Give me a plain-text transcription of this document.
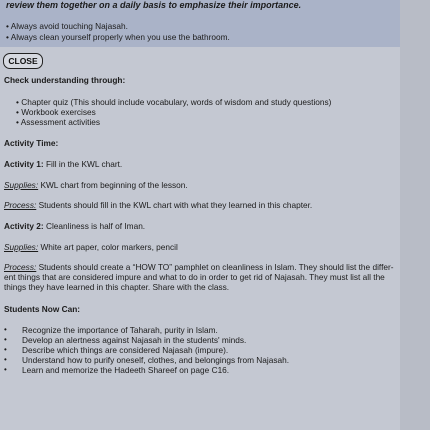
review them together on a daily basis to emphasize their importance.
• Always avoid touching Najasah.
• Always clean yourself properly when you use the bathroom.
CLOSE
Check understanding through:
• Chapter quiz (This should include vocabulary, words of wisdom and study questions)
• Workbook exercises
• Assessment activities
Activity Time:
Activity 1: Fill in the KWL chart.
Supplies: KWL chart from beginning of the lesson.
Process: Students should fill in the KWL chart with what they learned in this chapter.
Activity 2: Cleanliness is half of Iman.
Supplies: White art paper, color markers, pencil
Process: Students should create a “HOW TO” pamphlet on cleanliness in Islam. They should list the differ-
ent things that are considered impure and what to do in order to get rid of Najasah. They must list all the
things they have learned in this chapter. Share with the class.
Students Now Can:
• Recognize the importance of Taharah, purity in Islam.
• Develop an alertness against Najasah in the students' minds.
• Describe which things are considered Najasah (impure).
• Understand how to purify oneself, clothes, and belongings from Najasah.
• Learn and memorize the Hadeeth Shareef on page C16.
